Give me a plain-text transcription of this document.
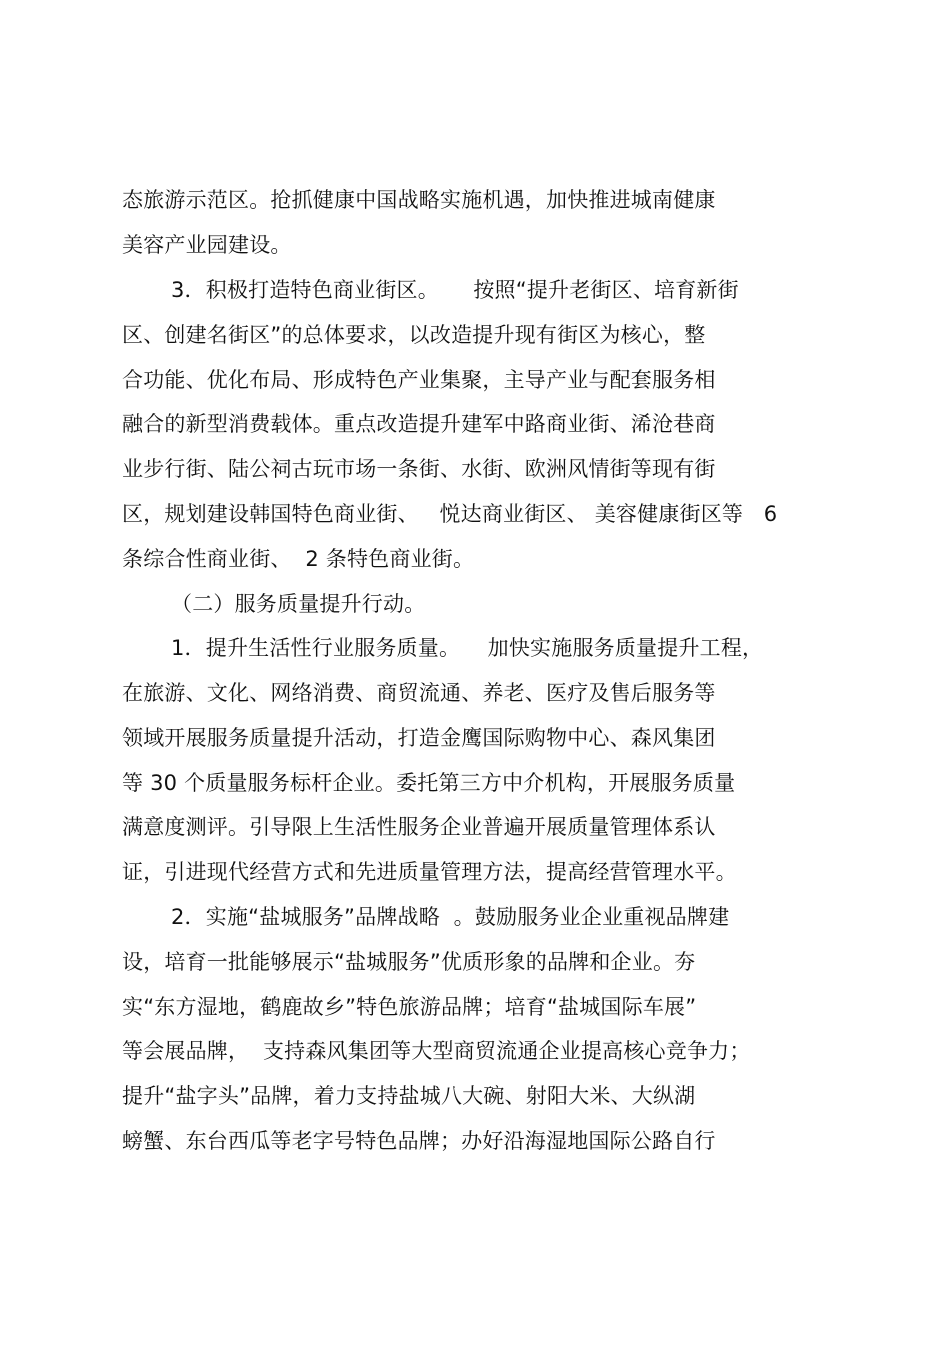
态旅游示范区。抢抓健康中国战略实施机遇，加快推进城南健康
美容产业园建设。
3．积极打造特色商业街区。     按照“提升老街区、培育新街
区、创建名街区”的总体要求，以改造提升现有街区为核心，整
合功能、优化布局、形成特色产业集聚，主导产业与配套服务相
融合的新型消费载体。重点改造提升建军中路商业街、浠沧巷商
业步行街、陆公祠古玩市场一条街、水街、欧洲风情街等现有街
区，规划建设韩国特色商业街、   悦达商业街区、 美容健康街区等   6
条综合性商业街、  2 条特色商业街。
（二）服务质量提升行动。
1．提升生活性行业服务质量。    加快实施服务质量提升工程，
在旅游、文化、网络消费、商贸流通、养老、医疗及售后服务等
领域开展服务质量提升活动，打造金鹰国际购物中心、森风集团
等 30 个质量服务标杆企业。委托第三方中介机构，开展服务质量
满意度测评。引导限上生活性服务企业普遍开展质量管理体系认
证，引进现代经营方式和先进质量管理方法，提高经营管理水平。
2．实施“盐城服务”品牌战略  。鼓励服务业企业重视品牌建
设，培育一批能够展示“盐城服务”优质形象的品牌和企业。夯
实“东方湿地，鹤鹿故乡”特色旅游品牌；培育“盐城国际车展”
等会展品牌，  支持森风集团等大型商贸流通企业提高核心竞争力；
提升“盐字头”品牌，着力支持盐城八大碗、射阳大米、大纵湖
螃蟹、东台西瓜等老字号特色品牌；办好沿海湿地国际公路自行
